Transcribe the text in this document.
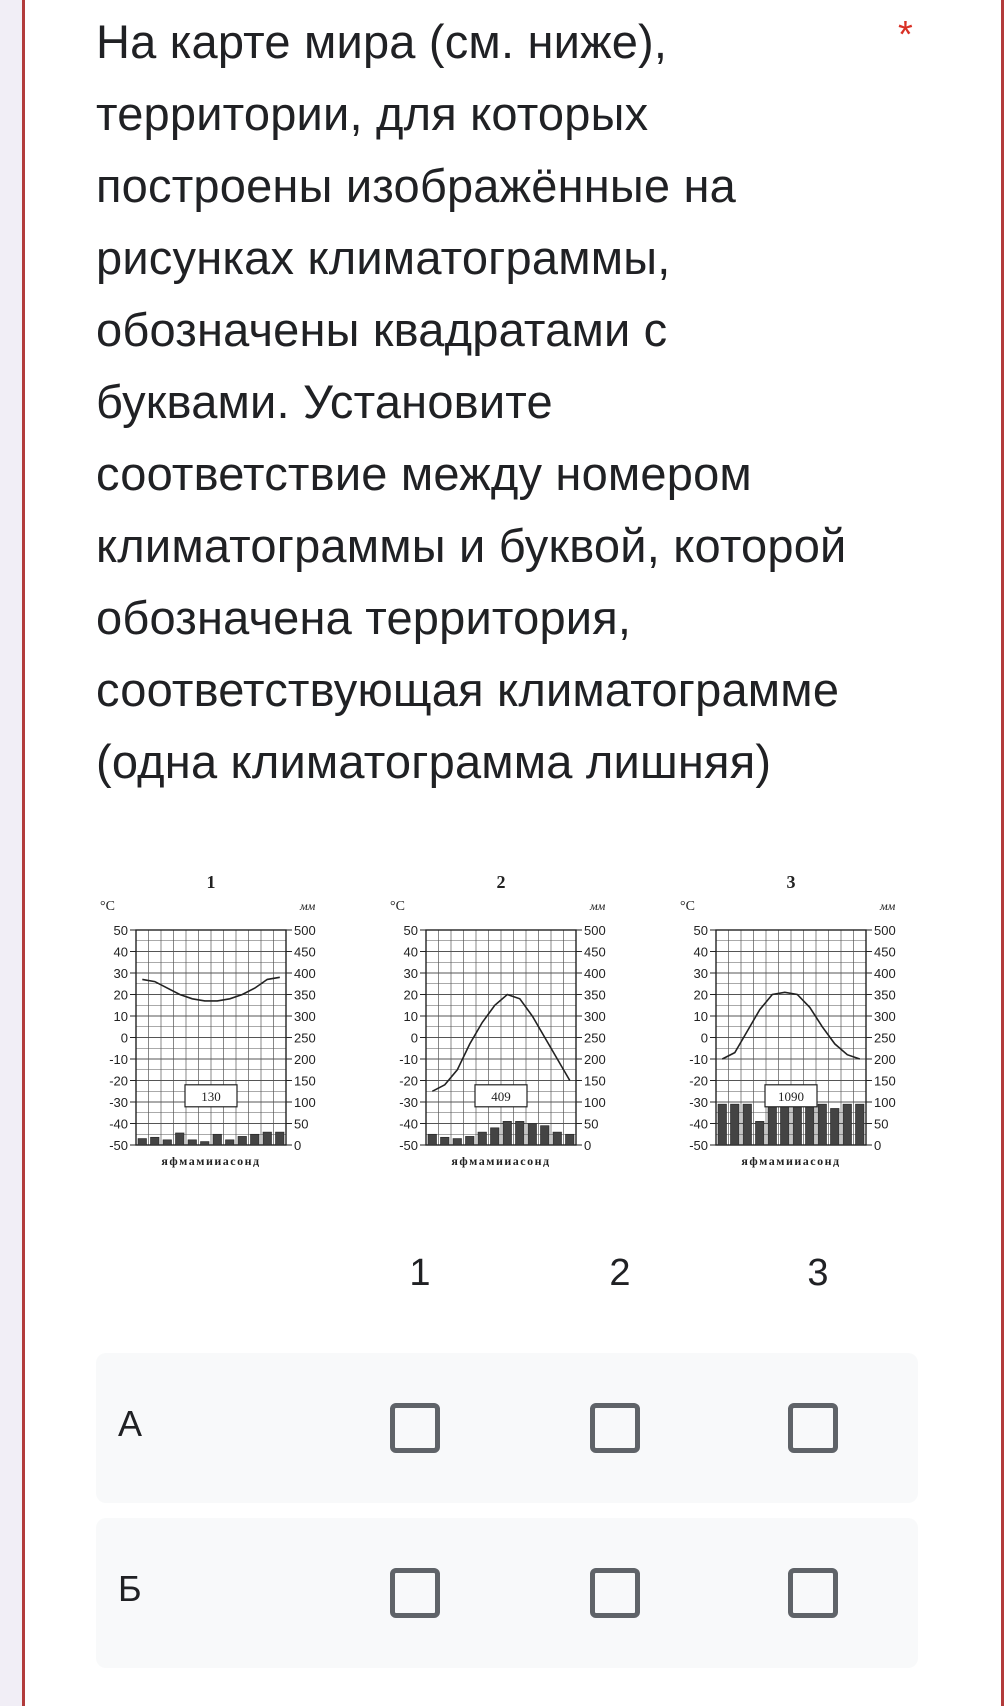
На карте мира (см. ниже),
территории, для которых
построены изображённые на
рисунках климатограммы,
обозначены квадратами с
буквами. Установите
соответствие между номером
климатограммы и буквой, которой
обозначена территория,
соответствующая климатограмме
(одна климатограмма лишняя)
*
1
°C	мм
50
40
30
20
10
0
-10
-20
-30
-40
-50
500
450
400
350
300
250
200
150
100
50
0
130
яфмамииасонд
2
°C	мм
50
40
30
20
10
0
-10
-20
-30
-40
-50
500
450
400
350
300
250
200
150
100
50
0
409
яфмамииасонд
3
°C	мм
50
40
30
20
10
0
-10
-20
-30
-40
-50
500
450
400
350
300
250
200
150
100
50
0
1090
яфмамииасонд
1	2	3
А
Б
